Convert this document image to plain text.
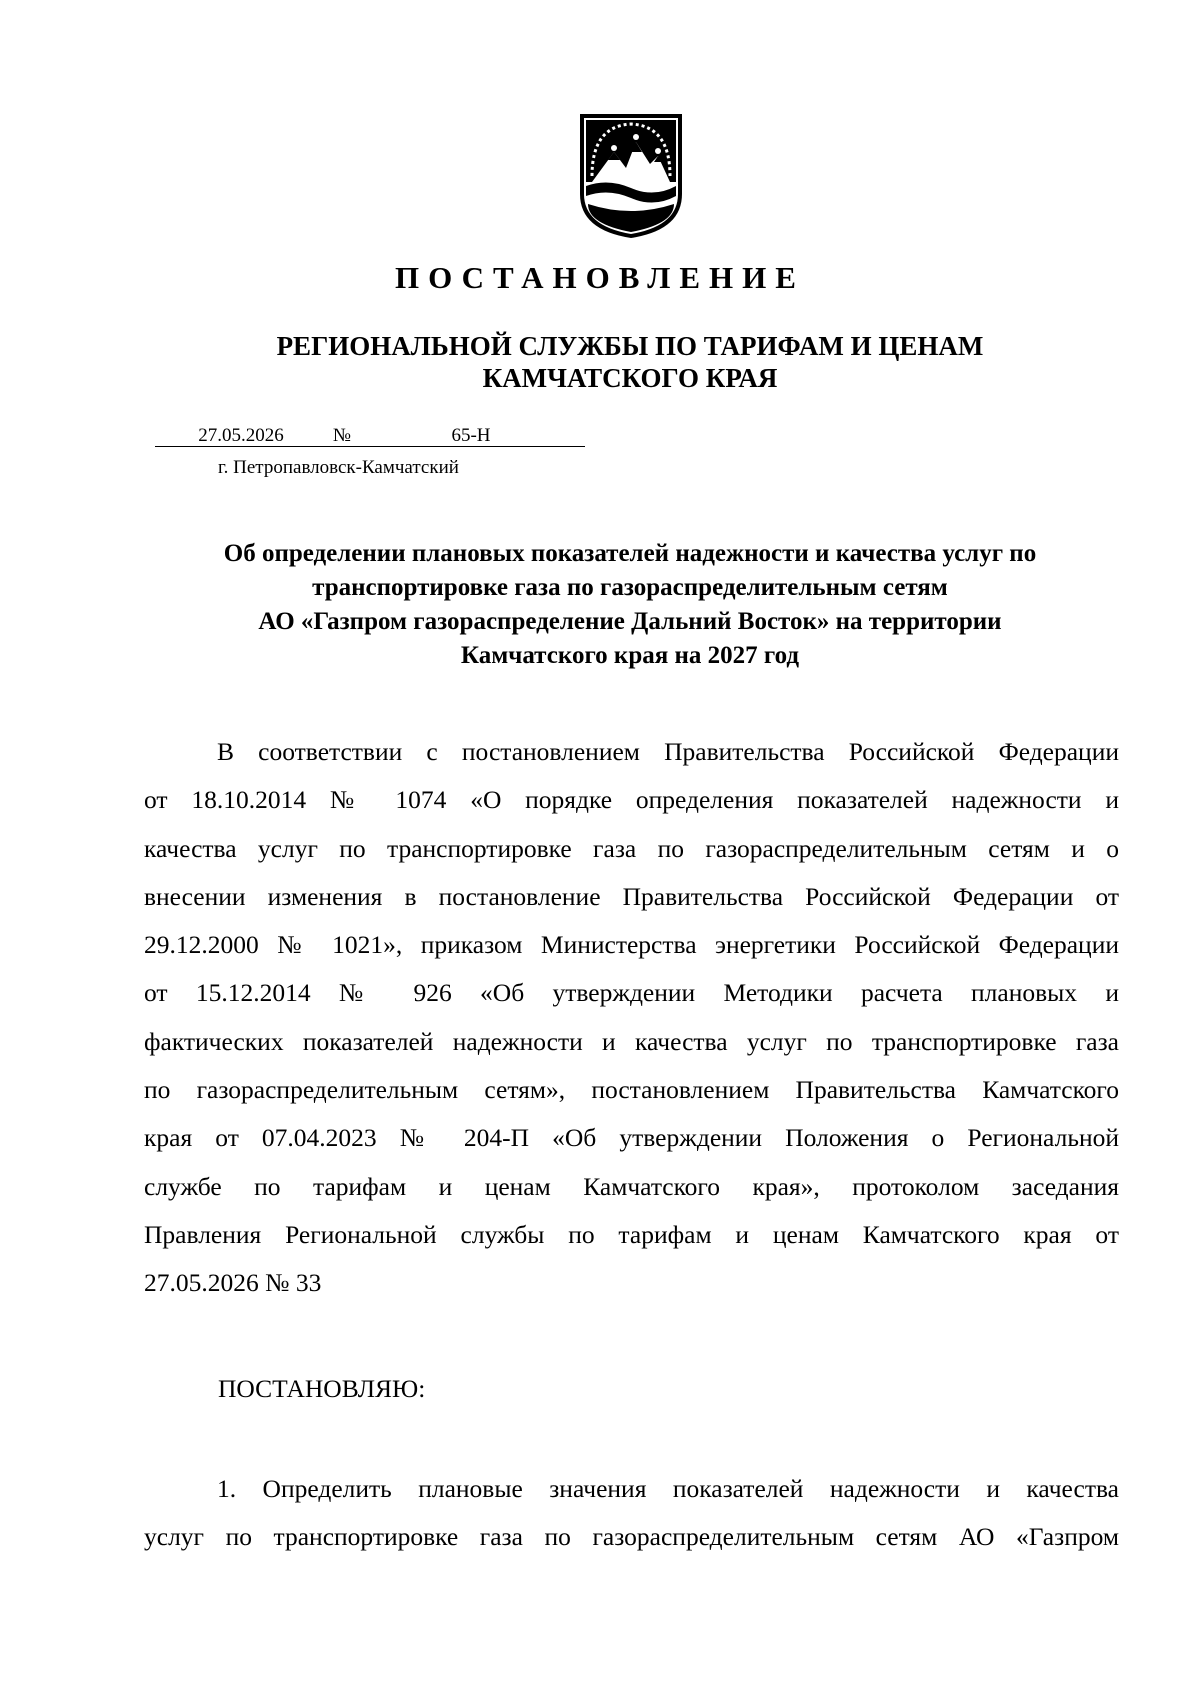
ПОСТАНОВЛЕНИЕ
РЕГИОНАЛЬНОЙ СЛУЖБЫ ПО ТАРИФАМ И ЦЕНАМ
КАМЧАТСКОГО КРАЯ
27.05.2026	№	65-Н
г. Петропавловск-Камчатский
Об определении плановых показателей надежности и качества услуг по
транспортировке газа по газораспределительным сетям
АО «Газпром газораспределение Дальний Восток» на территории
Камчатского края на 2027 год
В соответствии с постановлением Правительства Российской Федерации
от 18.10.2014 № 1074 «О порядке определения показателей надежности и
качества услуг по транспортировке газа по газораспределительным сетям и о
внесении изменения в постановление Правительства Российской Федерации от
29.12.2000 № 1021», приказом Министерства энергетики Российской Федерации
от 15.12.2014 № 926 «Об утверждении Методики расчета плановых и
фактических показателей надежности и качества услуг по транспортировке газа
по газораспределительным сетям», постановлением Правительства Камчатского
края от 07.04.2023 № 204-П «Об утверждении Положения о Региональной
службе по тарифам и ценам Камчатского края», протоколом заседания
Правления Региональной службы по тарифам и ценам Камчатского края от
27.05.2026 № 33
ПОСТАНОВЛЯЮ:
1. Определить плановые значения показателей надежности и качества
услуг по транспортировке газа по газораспределительным сетям АО «Газпром
